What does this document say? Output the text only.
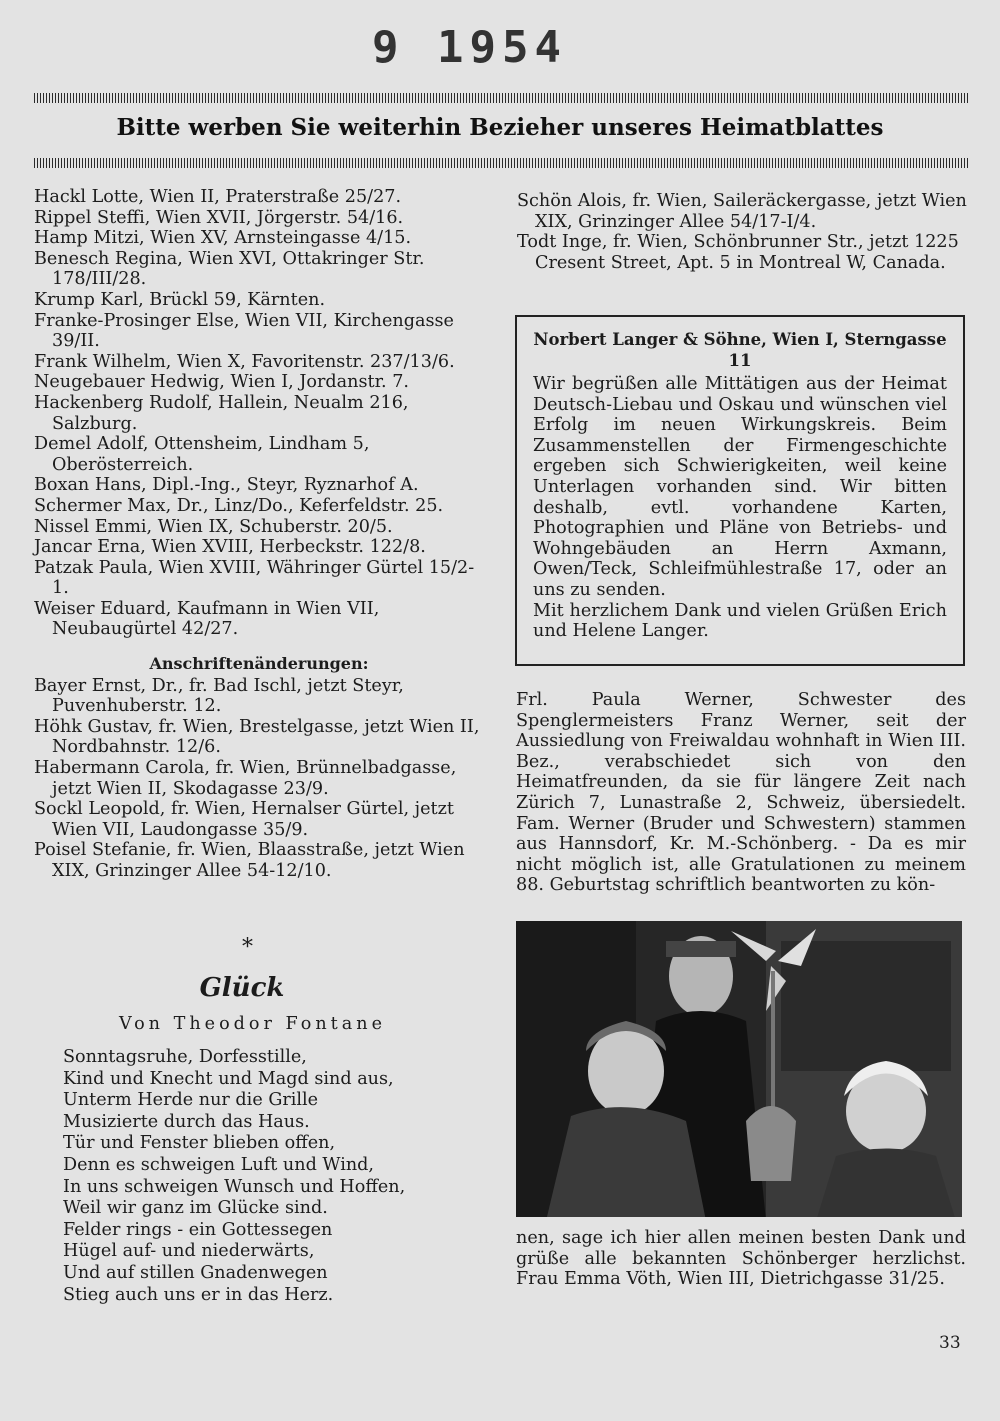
9 1954
Bitte werben Sie weiterhin Bezieher unseres Heimatblattes

Hackl Lotte, Wien II, Praterstraße 25/27.

Rippel Steffi, Wien XVII, Jörgerstr. 54/16.

Hamp Mitzi, Wien XV, Arnsteingasse 4/15.

Benesch Regina, Wien XVI, Ottakringer Str. 178/III/28.

Krump Karl, Brückl 59, Kärnten.

Franke-Prosinger Else, Wien VII, Kirchengasse 39/II.

Frank Wilhelm, Wien X, Favoritenstr. 237/13/6.

Neugebauer Hedwig, Wien I, Jordanstr. 7.

Hackenberg Rudolf, Hallein, Neualm 216, Salzburg.

Demel Adolf, Ottensheim, Lindham 5, Oberösterreich.

Boxan Hans, Dipl.-Ing., Steyr, Ryznarhof A.

Schermer Max, Dr., Linz/Do., Keferfeldstr. 25.

Nissel Emmi, Wien IX, Schuberstr. 20/5.

Jancar Erna, Wien XVIII, Herbeckstr. 122/8.

Patzak Paula, Wien XVIII, Währinger Gürtel 15/2-1.

Weiser Eduard, Kaufmann in Wien VII, Neubaugürtel 42/27.

Anschriftenänderungen:

Bayer Ernst, Dr., fr. Bad Ischl, jetzt Steyr, Puvenhuberstr. 12.

Höhk Gustav, fr. Wien, Brestelgasse, jetzt Wien II, Nordbahnstr. 12/6.

Habermann Carola, fr. Wien, Brünnelbadgasse, jetzt Wien II, Skodagasse 23/9.

Sockl Leopold, fr. Wien, Hernalser Gürtel, jetzt Wien VII, Laudongasse 35/9.

Poisel Stefanie, fr. Wien, Blaasstraße, jetzt Wien XIX, Grinzinger Allee 54-12/10.

Schön Alois, fr. Wien, Saileräckergasse, jetzt Wien XIX, Grinzinger Allee 54/17-I/4.

Todt Inge, fr. Wien, Schönbrunner Str., jetzt 1225 Cresent Street, Apt. 5 in Montreal W, Canada.

Norbert Langer & Söhne, Wien I, Sterngasse 11

Wir begrüßen alle Mittätigen aus der Heimat Deutsch-Liebau und Oskau und wünschen viel Erfolg im neuen Wirkungskreis. Beim Zusammenstellen der Firmengeschichte ergeben sich Schwierigkeiten, weil keine Unterlagen vorhanden sind. Wir bitten deshalb, evtl. vorhandene Karten, Photographien und Pläne von Betriebs- und Wohngebäuden an Herrn Axmann, Owen/Teck, Schleifmühlestraße 17, oder an uns zu senden.

Mit herzlichem Dank und vielen Grüßen Erich und Helene Langer.

Frl. Paula Werner, Schwester des Spenglermeisters Franz Werner, seit der Aussiedlung von Freiwaldau wohnhaft in Wien III. Bez., verabschiedet sich von den Heimatfreunden, da sie für längere Zeit nach Zürich 7, Lunastraße 2, Schweiz, übersiedelt. Fam. Werner (Bruder und Schwestern) stammen aus Hannsdorf, Kr. M.-Schönberg. - Da es mir nicht möglich ist, alle Gratulationen zu meinem 88. Geburtstag schriftlich beantworten zu kön-

nen, sage ich hier allen meinen besten Dank und grüße alle bekannten Schönberger herzlichst. Frau Emma Vöth, Wien III, Dietrichgasse 31/25.

*
Glück
Von Theodor Fontane
Sonntagsruhe, Dorfesstille,
Kind und Knecht und Magd sind aus,
Unterm Herde nur die Grille
Musizierte durch das Haus.
Tür und Fenster blieben offen,
Denn es schweigen Luft und Wind,
In uns schweigen Wunsch und Hoffen,
Weil wir ganz im Glücke sind.
Felder rings - ein Gottessegen
Hügel auf- und niederwärts,
Und auf stillen Gnadenwegen
Stieg auch uns er in das Herz.
33
